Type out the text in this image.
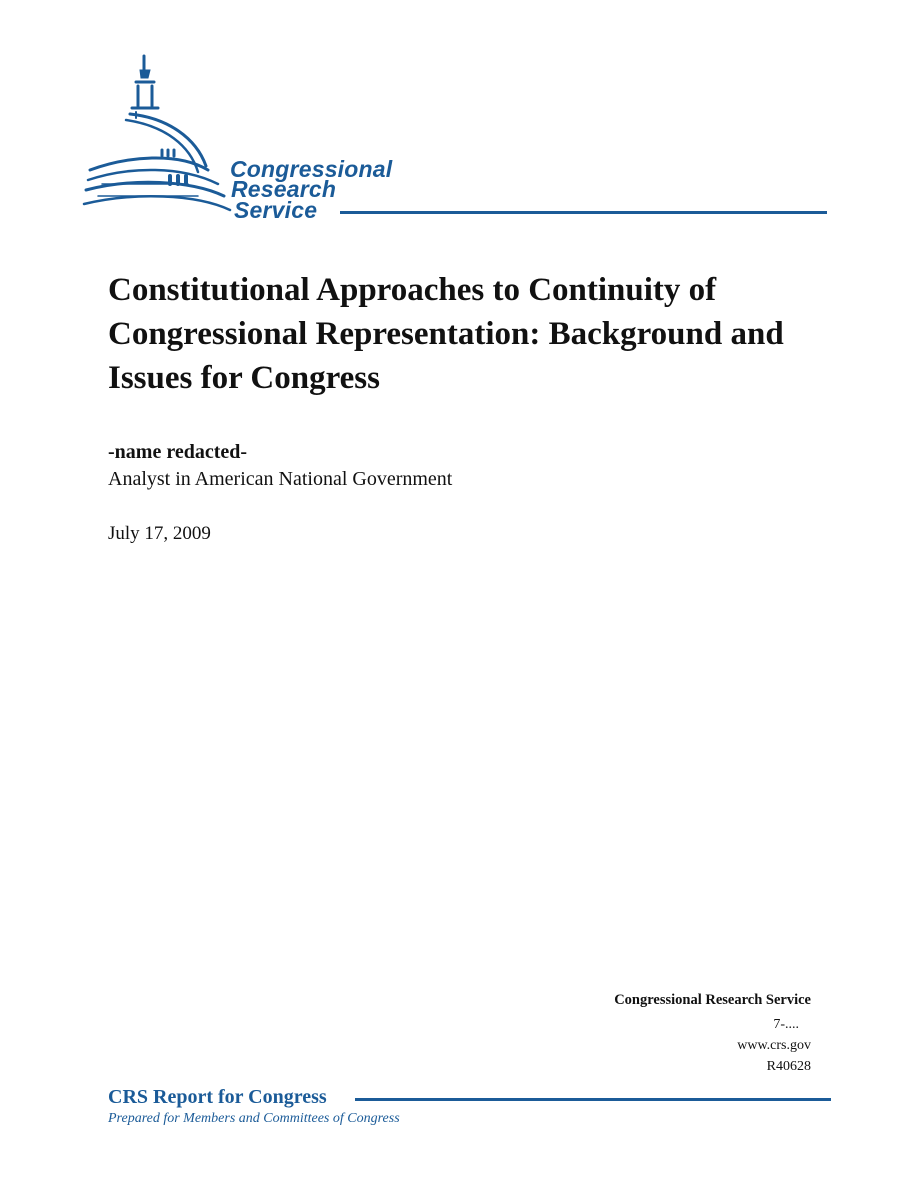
Congressional
Research
Service
Constitutional Approaches to Continuity of Congressional Representation: Background and Issues for Congress
-name redacted-
Analyst in American National Government
July 17, 2009
Congressional Research Service
7-....
www.crs.gov
R40628
CRS Report for Congress
Prepared for Members and Committees of Congress
